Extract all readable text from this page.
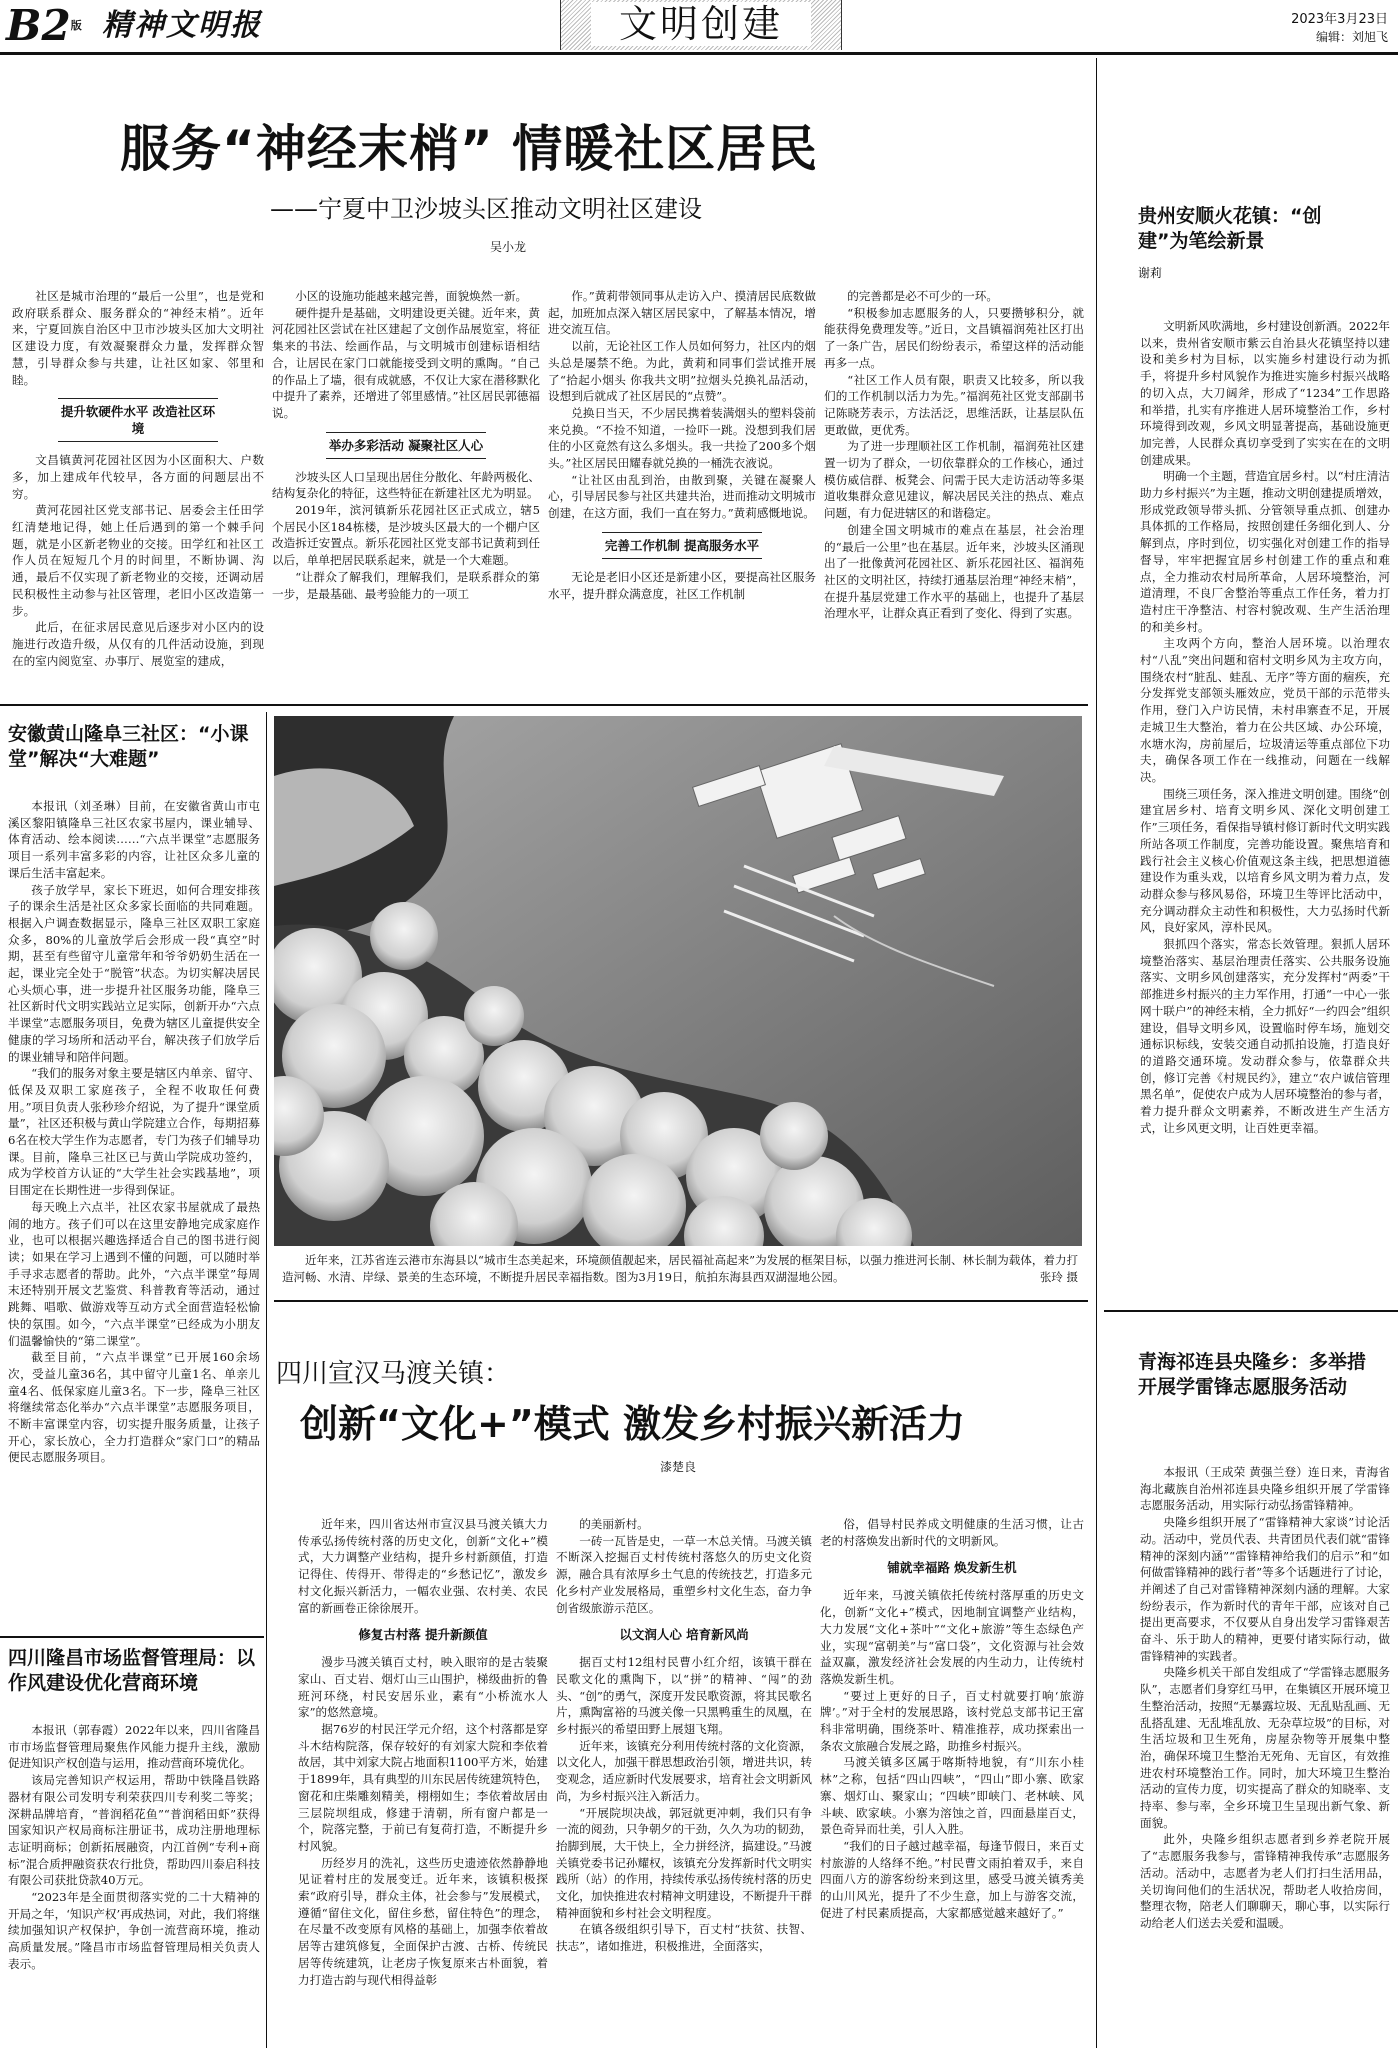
B2版 精神文明报	文明创建	2023年3月23日
编辑：刘旭飞
服务“神经末梢” 情暖社区居民
——宁夏中卫沙坡头区推动文明社区建设
吴小龙

社区是城市治理的“最后一公里”，也是党和政府联系群众、服务群众的“神经末梢”。近年来，宁夏回族自治区中卫市沙坡头区加大文明社区建设力度，有效凝聚群众力量，发挥群众智慧，引导群众参与共建，让社区如家、邻里和睦。

提升软硬件水平 改造社区环境

文昌镇黄河花园社区因为小区面积大、户数多，加上建成年代较早，各方面的问题层出不穷。

黄河花园社区党支部书记、居委会主任田学红清楚地记得，她上任后遇到的第一个棘手问题，就是小区新老物业的交接。田学红和社区工作人员在短短几个月的时间里，不断协调、沟通，最后不仅实现了新老物业的交接，还调动居民积极性主动参与社区管理，老旧小区改造第一步。

此后，在征求居民意见后逐步对小区内的设施进行改造升级，从仅有的几件活动设施，到现在的室内阅览室、办事厅、展览室的建成，

小区的设施功能越来越完善，面貌焕然一新。

硬件提升是基础，文明建设更关键。近年来，黄河花园社区尝试在社区建起了文创作品展览室，将征集来的书法、绘画作品，与文明城市创建标语相结合，让居民在家门口就能接受到文明的熏陶。“自己的作品上了墙，很有成就感，不仅让大家在潜移默化中提升了素养，还增进了邻里感情。”社区居民郭德福说。

举办多彩活动 凝聚社区人心

沙坡头区人口呈现出居住分散化、年龄两极化、结构复杂化的特征，这些特征在新建社区尤为明显。

2019年，滨河镇新乐花园社区正式成立，辖5个居民小区184栋楼，是沙坡头区最大的一个棚户区改造拆迁安置点。新乐花园社区党支部书记黄莉到任以后，单单把居民联系起来，就是一个大难题。

“让群众了解我们，理解我们，是联系群众的第一步，是最基础、最考验能力的一项工

作。”黄莉带领同事从走访入户、摸清居民底数做起，加班加点深入辖区居民家中，了解基本情况，增进交流互信。

以前，无论社区工作人员如何努力，社区内的烟头总是屡禁不绝。为此，黄莉和同事们尝试推开展了“拾起小烟头 你我共文明”拉烟头兑换礼品活动，设想到后就成了社区居民的“点赞”。

兑换日当天，不少居民携着装满烟头的塑料袋前来兑换。“不捡不知道，一捡吓一跳。没想到我们居住的小区竟然有这么多烟头。我一共捡了200多个烟头。”社区居民田耀春就兑换的一桶洗衣液说。

“让社区由乱到治，由散到聚，关键在凝聚人心，引导居民参与社区共建共治，进而推动文明城市创建，在这方面，我们一直在努力。”黄莉感慨地说。

完善工作机制 提高服务水平

无论是老旧小区还是新建小区，要提高社区服务水平，提升群众满意度，社区工作机制

的完善都是必不可少的一环。

“积极参加志愿服务的人，只要攒够积分，就能获得免费理发等。”近日，文昌镇福润苑社区打出了一条广告，居民们纷纷表示，希望这样的活动能再多一点。

“社区工作人员有限，职责又比较多，所以我们的工作机制以活力为先。”福润苑社区党支部副书记陈晓芳表示，方法活泛，思维活跃，让基层队伍更敢做，更优秀。

为了进一步理顺社区工作机制，福润苑社区建置一切为了群众，一切依靠群众的工作核心，通过模仿威信群、板凳会、问需于民大走访活动等多渠道收集群众意见建议，解决居民关注的热点、难点问题，有力促进辖区的和谐稳定。

创建全国文明城市的难点在基层，社会治理的“最后一公里”也在基层。近年来，沙坡头区涌现出了一批像黄河花园社区、新乐花园社区、福润苑社区的文明社区，持续打通基层治理“神经末梢”，在提升基层党建工作水平的基础上，也提升了基层治理水平，让群众真正看到了变化、得到了实惠。

贵州安顺火花镇：“创建”为笔绘新景
谢莉

文明新风吹满地，乡村建设创新酒。2022年以来，贵州省安顺市紫云自治县火花镇坚持以建设和美乡村为目标，以实施乡村建设行动为抓手，将提升乡村风貌作为推进实施乡村振兴战略的切入点，大刀阔斧，形成了“1234”工作思路和举措，扎实有序推进人居环境整治工作，乡村环境得到改观，乡风文明显著提高，基础设施更加完善，人民群众真切享受到了实实在在的文明创建成果。

明确一个主题，营造宜居乡村。以“村庄清洁助力乡村振兴”为主题，推动文明创建提质增效，形成党政领导带头抓、分管领导重点抓、创建办具体抓的工作格局，按照创建任务细化到人、分解到点，序时到位，切实强化对创建工作的指导督导，牢牢把握宜居乡村创建工作的重点和难点，全力推动农村局所革命，人居环境整治，河道清理，不良厂舍整治等重点工作任务，着力打造村庄干净整洁、村容村貌改观、生产生活治理的和美乡村。

主攻两个方向，整治人居环境。以治理农村“八乱”突出问题和宿村文明乡风为主攻方向，围绕农村“脏乱、蛙乱、无序”等方面的痼疾，充分发挥党支部领头雁效应，党员干部的示范带头作用，登门入户访民情，未村串寨查不足，开展走城卫生大整治，着力在公共区域、办公环境，水塘水沟，房前屋后，垃圾清运等重点部位下功夫，确保各项工作在一线推动，问题在一线解决。

围绕三项任务，深入推进文明创建。围绕“创建宜居乡村、培育文明乡风、深化文明创建工作”三项任务，看保指导镇村修订新时代文明实践所站各项工作制度，完善功能设置。聚焦培育和践行社会主义核心价值观这条主线，把思想道德建设作为重头戏，以培育乡风文明为着力点，发动群众参与移风易俗，环境卫生等评比活动中，充分调动群众主动性和积极性，大力弘扬时代新风，良好家风，淳朴民风。

狠抓四个落实，常态长效管理。狠抓人居环境整治落实、基层治理责任落实、公共服务设施落实、文明乡风创建落实，充分发挥村“两委”干部推进乡村振兴的主力军作用，打通“一中心一张网十联户”的神经末梢，全力抓好“一约四会”组织建设，倡导文明乡风，设置临时停车场，施划交通标识标线，安装交通自动抓拍设施，打造良好的道路交通环境。发动群众参与，依靠群众共创，修订完善《村规民约》，建立“农户诚信管理黑名单”，促使农户成为人居环境整治的参与者，着力提升群众文明素养，不断改进生产生活方式，让乡风更文明，让百姓更幸福。

青海祁连县央隆乡：多举措开展学雷锋志愿服务活动

本报讯（王成荣 黄强兰登）连日来，青海省海北藏族自治州祁连县央隆乡组织开展了学雷锋志愿服务活动，用实际行动弘扬雷锋精神。

央隆乡组织开展了“雷锋精神大家谈”讨论活动。活动中，党员代表、共青团员代表们就“雷锋精神的深刻内涵”“雷锋精神给我们的启示”和“如何做雷锋精神的践行者”等多个话题进行了讨论，并阐述了自己对雷锋精神深刻内涵的理解。大家纷纷表示，作为新时代的青年干部，应该对自己提出更高要求，不仅要从自身出发学习雷锋艰苦奋斗、乐于助人的精神，更要付诸实际行动，做雷锋精神的实践者。

央隆乡机关干部自发组成了“学雷锋志愿服务队”，志愿者们身穿红马甲，在集镇区开展环境卫生整治活动，按照“无暴露垃圾、无乱贴乱画、无乱搭乱建、无乱堆乱放、无杂草垃圾”的目标，对生活垃圾和卫生死角，房屋杂物等开展集中整治，确保环境卫生整治无死角、无盲区，有效推进农村环境整治工作。同时，加大环境卫生整治活动的宣传力度，切实提高了群众的知晓率、支持率、参与率，全乡环境卫生呈现出新气象、新面貌。

此外，央隆乡组织志愿者到乡养老院开展了“志愿服务我参与，雷锋精神我传承”志愿服务活动。活动中，志愿者为老人们打扫生活用品，关切询问他们的生活状况，帮助老人收拾房间，整理衣物，陪老人们聊聊天，聊心事，以实际行动给老人们送去关爱和温暖。

安徽黄山隆阜三社区：“小课堂”解决“大难题”

本报讯（刘圣琳）目前，在安徽省黄山市屯溪区黎阳镇隆阜三社区农家书屋内，课业辅导、体育活动、绘本阅读……“六点半课堂”志愿服务项目一系列丰富多彩的内容，让社区众多儿童的课后生活丰富起来。

孩子放学早，家长下班迟，如何合理安排孩子的课余生活是社区众多家长面临的共同难题。根据入户调查数据显示，隆阜三社区双职工家庭众多，80%的儿童放学后会形成一段“真空”时期，甚至有些留守儿童常年和爷爷奶奶生活在一起，课业完全处于“脱管”状态。为切实解决居民心头烦心事，进一步提升社区服务功能，隆阜三社区新时代文明实践站立足实际，创新开办“六点半课堂”志愿服务项目，免费为辖区儿童提供安全健康的学习场所和活动平台，解决孩子们放学后的课业辅导和陪伴问题。

“我们的服务对象主要是辖区内单亲、留守、低保及双职工家庭孩子，全程不收取任何费用。”项目负责人张秒珍介绍说，为了提升“课堂质量”，社区还积极与黄山学院建立合作，每期招募6名在校大学生作为志愿者，专门为孩子们辅导功课。目前，隆阜三社区已与黄山学院成功签约，成为学校首方认证的“大学生社会实践基地”，项目围定在长期性进一步得到保证。

每天晚上六点半，社区农家书屋就成了最热闹的地方。孩子们可以在这里安静地完成家庭作业，也可以根据兴趣选择适合自己的图书进行阅读；如果在学习上遇到不懂的问题，可以随时举手寻求志愿者的帮助。此外，“六点半课堂”每周末还特别开展文艺鉴赏、科普教育等活动，通过跳舞、唱歌、做游戏等互动方式全面营造轻松愉快的氛围。如今，“六点半课堂”已经成为小朋友们温馨愉快的“第二课堂”。

截至目前，“六点半课堂”已开展160余场次，受益儿童36名，其中留守儿童1名、单亲儿童4名、低保家庭儿童3名。下一步，隆阜三社区将继续常态化举办“六点半课堂”志愿服务项目，不断丰富课堂内容，切实提升服务质量，让孩子开心，家长放心，全力打造群众“家门口”的精品便民志愿服务项目。

四川隆昌市场监督管理局：以作风建设优化营商环境

本报讯（郭春霞）2022年以来，四川省隆昌市市场监督管理局聚焦作风能力提升主线，激励促进知识产权创造与运用，推动营商环境优化。

该局完善知识产权运用，帮助中铁隆昌铁路器材有限公司发明专利荣获四川专利奖二等奖；深耕品牌培育，“普润稻花鱼”“普润稻田虾”获得国家知识产权局商标注册证书，成功注册地理标志证明商标；创新拓展融资，内江首例“专利+商标”混合质押融资获农行批贷，帮助四川泰启科技有限公司获批贷款40万元。

“2023年是全面贯彻落实党的二十大精神的开局之年，‘知识产权’再成热词，对此，我们将继续加强知识产权保护，争创一流营商环境，推动高质量发展。”隆昌市市场监督管理局相关负责人表示。

近年来，江苏省连云港市东海县以“城市生态美起来，环境颜值靓起来，居民福祉高起来”为发展的框架目标，以强力推进河长制、林长制为载体，着力打造河畅、水清、岸绿、景美的生态环境，不断提升居民幸福指数。图为3月19日，航拍东海县西双湖湿地公园。	张玲 摄
四川宣汉马渡关镇：
创新“文化+”模式 激发乡村振兴新活力
漆楚良

近年来，四川省达州市宣汉县马渡关镇大力传承弘扬传统村落的历史文化，创新“文化+”模式，大力调整产业结构，提升乡村新颜值，打造记得住、传得开、带得走的“乡愁记忆”，激发乡村文化振兴新活力，一幅农业强、农村美、农民富的新画卷正徐徐展开。

修复古村落 提升新颜值

漫步马渡关镇百丈村，映入眼帘的是古装聚家山、百丈岩、烟灯山三山围护，梯级曲折的鲁班河环绕，村民安居乐业，素有“小桥流水人家”的悠然意境。

据76岁的村民汪学元介绍，这个村落都是穿斗木结构院落，保存较好的有刘家大院和李依着故居，其中刘家大院占地面积1100平方米，始建于1899年，具有典型的川东民居传统建筑特色，窗花和庄柴雕刻精美，栩栩如生；李依着故居由三层院坝组成，修建于清朝，所有窗户都是一个，院落完整，于前已有复荷打造，不断提升乡村风貌。

历经岁月的洗礼，这些历史遗迹依然静静地见证着村庄的发展变迁。近年来，该镇积极探索“政府引导，群众主体，社会参与”发展模式，遵循“留住文化，留住乡愁，留住特色”的理念，在尽量不改变原有风格的基础上，加强李依着故居等古建筑修复，全面保护古渡、古桥、传统民居等传统建筑，让老房子恢复原来古朴面貌，着力打造古韵与现代相得益彰

的美丽新村。

一砖一瓦皆是史，一草一木总关情。马渡关镇不断深入挖掘百丈村传统村落悠久的历史文化资源，融合具有浓厚乡土气息的传统技艺，打造多元化乡村产业发展格局，重塑乡村文化生态，奋力争创省级旅游示范区。

以文润人心 培育新风尚

据百丈村12组村民曹小红介绍，该镇干群在民歌文化的熏陶下，以“拼”的精神、“闯”的劲头、“创”的勇气，深度开发民歌资源，将其民歌名片，熏陶富裕的马渡关像一只黑鸭重生的凤凰，在乡村振兴的希望田野上展翅飞翔。

近年来，该镇充分利用传统村落的文化资源，以文化人，加强干群思想政治引领，增进共识，转变观念，适应新时代发展要求，培育社会文明新风尚，为乡村振兴注入新活力。

“开展院坝决战，郭冠就更冲刺，我们只有争一流的阅劲，只争朝夕的干劲，久久为功的韧劲，抬脚到展，大干快上，全力拼经济，搞建设。”马渡关镇党委书记孙耀权，该镇充分发挥新时代文明实践所（站）的作用，持续传承弘扬传统村落的历史文化，加快推进农村精神文明建设，不断提升干群精神面貌和乡村社会文明程度。

在镇各级组织引导下，百丈村“扶贫、扶智、扶志”，诸如推进，积极推进，全面落实，

俗，倡导村民养成文明健康的生活习惯，让古老的村落焕发出新时代的文明新风。

铺就幸福路 焕发新生机

近年来，马渡关镇依托传统村落厚重的历史文化，创新“文化+”模式，因地制宜调整产业结构，大力发展“文化+茶叶”“文化+旅游”等生态绿色产业，实现“富朝美”与“富口袋”，文化资源与社会效益双赢，激发经济社会发展的内生动力，让传统村落焕发新生机。

“要过上更好的日子，百丈村就要打响‘旅游牌’。”对于全村的发展思路，该村党总支部书记王富科非常明确，围绕茶叶、精准推荐，成功探索出一条农文旅融合发展之路，助推乡村振兴。

马渡关镇多区属于喀斯特地貌，有“川东小桂林”之称，包括“四山四峡”，“四山”即小寨、欧家寨、烟灯山、聚家山；“四峡”即峡门、老林峡、风斗峡、欧家峡。小寨为溶蚀之首，四面悬崖百丈，景色奇异而壮美，引人入胜。

“我们的日子越过越幸福，每逢节假日，来百丈村旅游的人络绎不绝。”村民曹文雨拍着双手，来自四面八方的游客纷纷来到这里，感受马渡关镇秀美的山川风光，提升了不少生意，加上与游客交流，促进了村民素质提高，大家都感觉越来越好了。”
